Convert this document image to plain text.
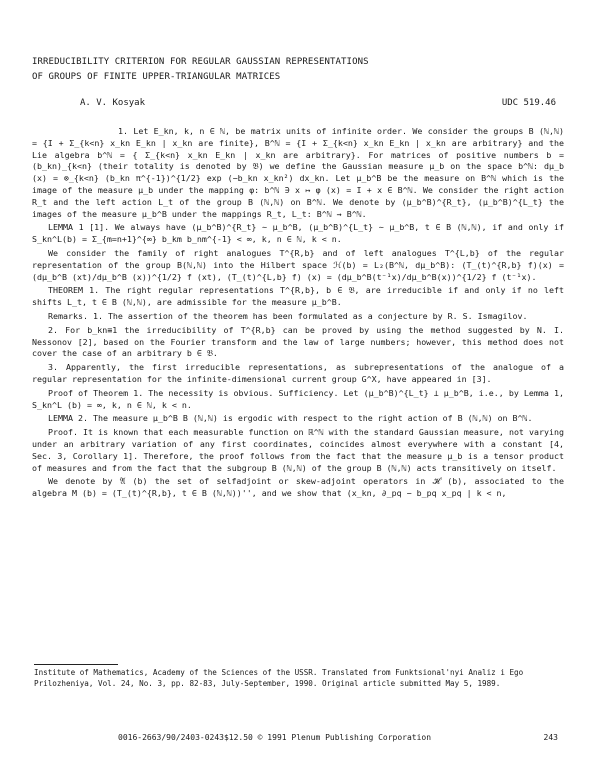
IRREDUCIBILITY CRITERION FOR REGULAR GAUSSIAN REPRESENTATIONS
OF GROUPS OF FINITE UPPER-TRIANGULAR MATRICES
A. V. Kosyak	UDC 519.46

1. Let E_kn, k, n ∈ ℕ, be matrix units of infinite order. We consider the groups B (ℕ,ℕ) = {I + Σ_{k<n} x_kn E_kn | x_kn are finite}, B^ℕ = {I + Σ_{k<n} x_kn E_kn | x_kn are arbitrary} and the Lie algebra b^ℕ = { Σ_{k<n} x_kn E_kn | x_kn are arbitrary}. For matrices of positive numbers b = (b_kn)_{k<n} (their totality is denoted by 𝔅) we define the Gaussian measure μ_b on the space b^ℕ: dμ_b (x) = ⊗_{k<n} (b_kn π^{-1})^{1/2} exp (−b_kn x_kn²) dx_kn. Let μ_b^B be the measure on B^ℕ which is the image of the measure μ_b under the mapping φ: b^ℕ ∋ x ↦ φ (x) = I + x ∈ B^ℕ. We consider the right action R_t and the left action L_t of the group B (ℕ,ℕ) on B^ℕ. We denote by (μ_b^B)^{R_t}, (μ_b^B)^{L_t} the images of the measure μ_b^B under the mappings R_t, L_t: B^ℕ → B^ℕ.

LEMMA 1 [1]. We always have (μ_b^B)^{R_t} ∼ μ_b^B, (μ_b^B)^{L_t} ∼ μ_b^B, t ∈ B (ℕ,ℕ), if and only if S_kn^L(b) = Σ_{m=n+1}^{∞} b_km b_nm^{-1} < ∞, k, n ∈ ℕ, k < n.

We consider the family of right analogues T^{R,b} and of left analogues T^{L,b} of the regular representation of the group B(ℕ,ℕ) into the Hilbert space ℋ(b) = L₂(B^ℕ, dμ_b^B): (T_(t)^{R,b} f)(x) = (dμ_b^B (xt)/dμ_b^B (x))^{1/2} f (xt), (T_(t)^{L,b} f) (x) = (dμ_b^B(t⁻¹x)/dμ_b^B(x))^{1/2} f (t⁻¹x).

THEOREM 1. The right regular representations T^{R,b}, b ∈ 𝔅, are irreducible if and only if no left shifts L_t, t ∈ B (ℕ,ℕ), are admissible for the measure μ_b^B.

Remarks. 1. The assertion of the theorem has been formulated as a conjecture by R. S. Ismagilov.

2. For b_kn≡1 the irreducibility of T^{R,b} can be proved by using the method suggested by N. I. Nessonov [2], based on the Fourier transform and the law of large numbers; however, this method does not cover the case of an arbitrary b ∈ 𝔅.

3. Apparently, the first irreducible representations, as subrepresentations of the analogue of a regular representation for the infinite-dimensional current group G^X, have appeared in [3].

Proof of Theorem 1. The necessity is obvious. Sufficiency. Let (μ_b^B)^{L_t} ⊥ μ_b^B, i.e., by Lemma 1, S_kn^L (b) = ∞, k, n ∈ ℕ, k < n.

LEMMA 2. The measure μ_b^B B (ℕ,ℕ) is ergodic with respect to the right action of B (ℕ,ℕ) on B^ℕ.

Proof. It is known that each measurable function on ℝ^ℕ with the standard Gaussian measure, not varying under an arbitrary variation of any first coordinates, coincides almost everywhere with a constant [4, Sec. 3, Corollary 1]. Therefore, the proof follows from the fact that the measure μ_b is a tensor product of measures and from the fact that the subgroup B (ℕ,ℕ) of the group B (ℕ,ℕ) acts transitively on itself.

We denote by 𝔄 (b) the set of selfadjoint or skew-adjoint operators in ℋ (b), associated to the algebra M (b) = (T_(t)^{R,b}, t ∈ B (ℕ,ℕ))'', and we show that (x_kn, ∂_pq − b_pq x_pq | k < n,

Institute of Mathematics, Academy of the Sciences of the USSR. Translated from Funktsional'nyi Analiz i Ego Prilozheniya, Vol. 24, No. 3, pp. 82-83, July-September, 1990. Original article submitted May 5, 1989.
0016-2663/90/2403-0243$12.50 © 1991 Plenum Publishing Corporation	243
